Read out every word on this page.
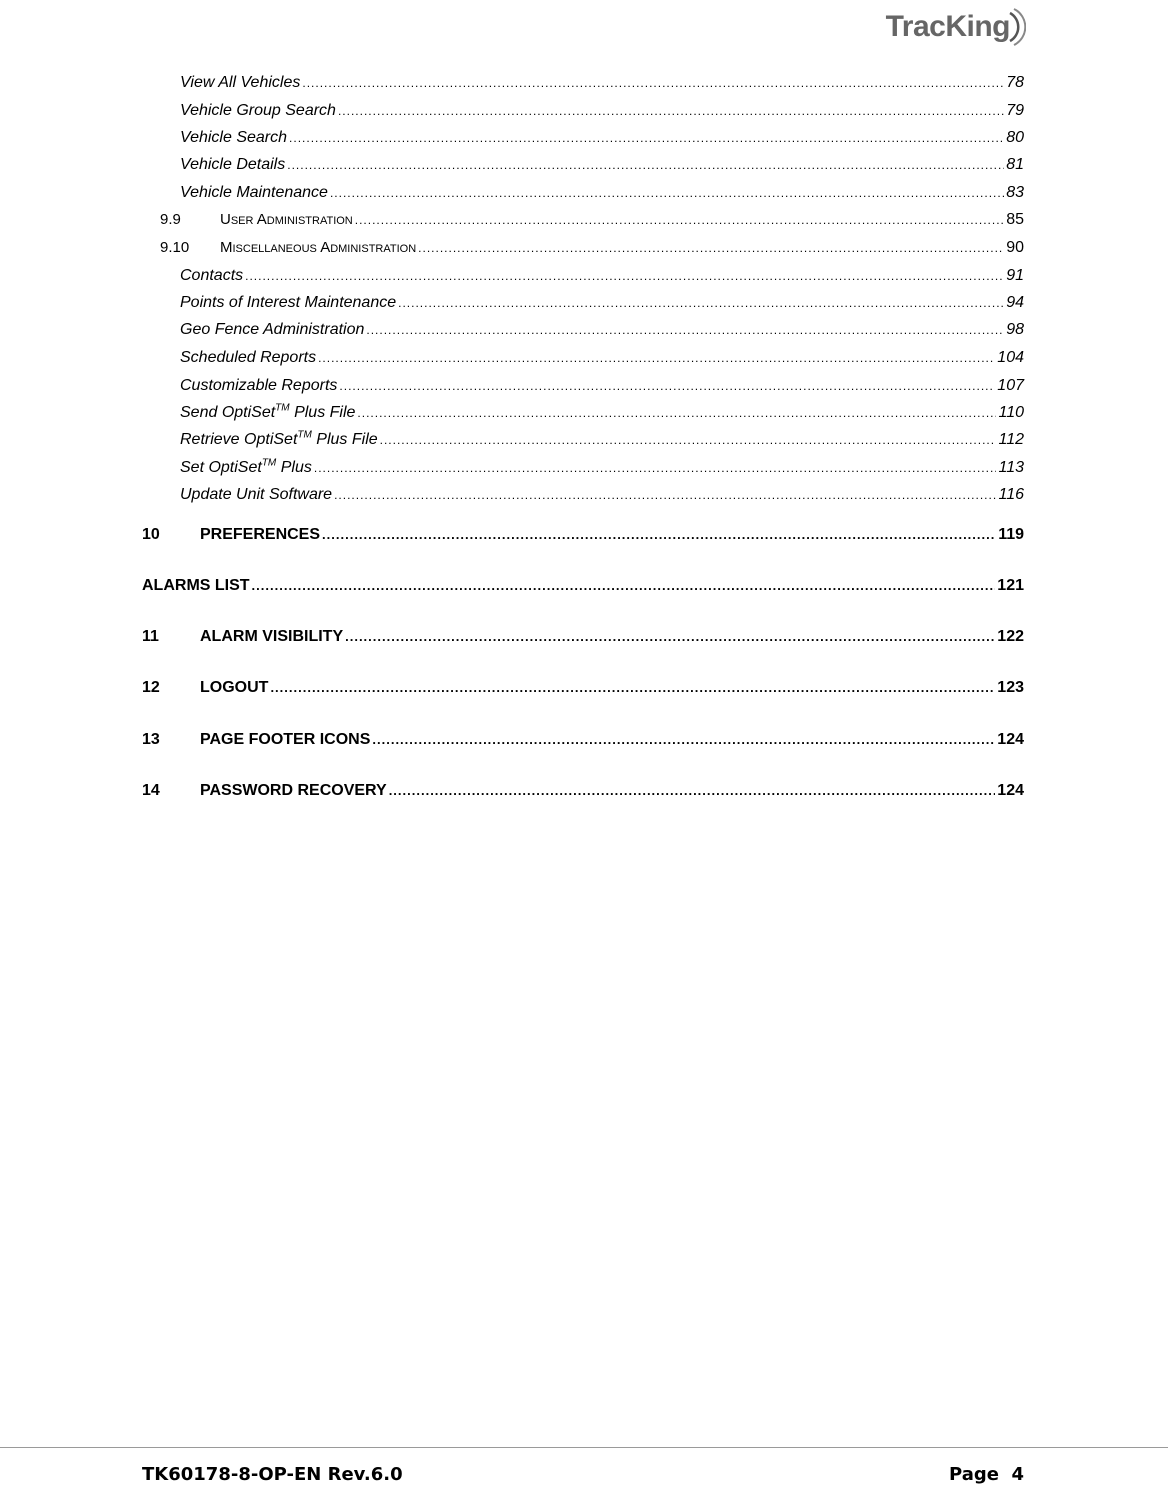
TracKing
View All Vehicles .....	78
Vehicle Group Search .....	79
Vehicle Search .....	80
Vehicle Details .....	81
Vehicle Maintenance .....	83
9.9	User Administration .....	85
9.10 Miscellaneous Administration .....	90
Contacts .....	91
Points of Interest Maintenance .....	94
Geo Fence Administration .....	98
Scheduled Reports .....	104
Customizable Reports .....	107
Send OptiSet™ Plus File .....	110
Retrieve OptiSet™ Plus File .....	112
Set OptiSet™ Plus .....	113
Update Unit Software .....	116
10	PREFERENCES .....	119
ALARMS LIST .....	121
11	ALARM VISIBILITY .....	122
12	LOGOUT .....	123
13	PAGE FOOTER ICONS .....	124
14	PASSWORD RECOVERY .....	124
TK60178-8-OP-EN Rev.6.0	Page  4
